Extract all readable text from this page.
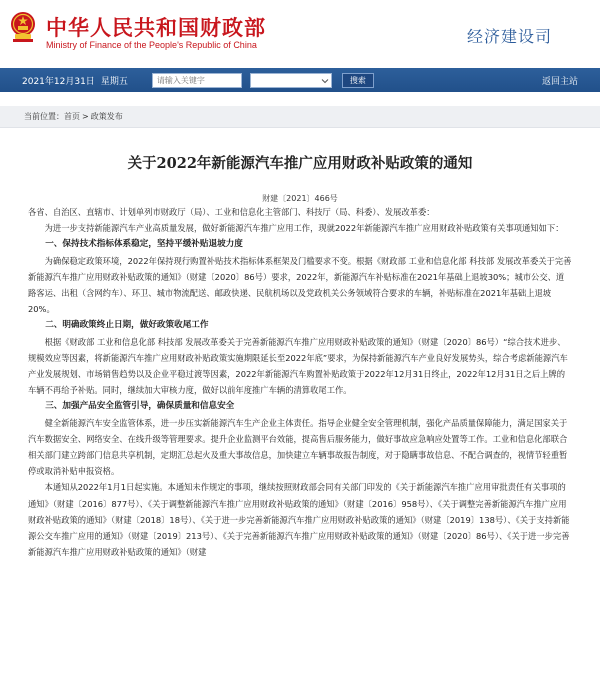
中华人民共和国财政部
Ministry of Finance of the People's Republic of China	经济建设司
2021年12月31日 星期五
请输入关键字	搜索	返回主站
当前位置： 首页 > 政策发布
关于2022年新能源汽车推广应用财政补贴政策的通知
财建〔2021〕466号

各省、自治区、直辖市、计划单列市财政厅（局）、工业和信息化主管部门、科技厅（局、科委）、发展改革委：

为进一步支持新能源汽车产业高质量发展，做好新能源汽车推广应用工作，现就2022年新能源汽车推广应用财政补贴政策有关事项通知如下：

一、保持技术指标体系稳定，坚持平缓补贴退坡力度

为确保稳定政策环境，2022年保持现行购置补贴技术指标体系框架及门槛要求不变。根据《财政部 工业和信息化部 科技部 发展改革委关于完善新能源汽车推广应用财政补贴政策的通知》（财建〔2020〕86号）要求，2022年，新能源汽车补贴标准在2021年基础上退坡30%；城市公交、道路客运、出租（含网约车）、环卫、城市物流配送、邮政快递、民航机场以及党政机关公务领域符合要求的车辆，补贴标准在2021年基础上退坡20%。

二、明确政策终止日期，做好政策收尾工作

根据《财政部 工业和信息化部 科技部 发展改革委关于完善新能源汽车推广应用财政补贴政策的通知》（财建〔2020〕86号）“综合技术进步、规模效应等因素，将新能源汽车推广应用财政补贴政策实施期限延长至2022年底”要求，为保持新能源汽车产业良好发展势头，综合考虑新能源汽车产业发展规划、市场销售趋势以及企业平稳过渡等因素，2022年新能源汽车购置补贴政策于2022年12月31日终止，2022年12月31日之后上牌的车辆不再给予补贴。同时，继续加大审核力度，做好以前年度推广车辆的清算收尾工作。

三、加强产品安全监管引导，确保质量和信息安全

健全新能源汽车安全监管体系，进一步压实新能源汽车生产企业主体责任。指导企业健全安全管理机制，强化产品质量保障能力，满足国家关于汽车数据安全、网络安全、在线升级等管理要求。提升企业监测平台效能，提高售后服务能力，做好事故应急响应处置等工作。工业和信息化部联合相关部门建立跨部门信息共享机制，定期汇总起火及重大事故信息，加快建立车辆事故报告制度，对于隐瞒事故信息、不配合调查的，视情节轻重暂停或取消补贴申报资格。

本通知从2022年1月1日起实施。本通知未作规定的事项，继续按照财政部会同有关部门印发的《关于新能源汽车推广应用审批责任有关事项的通知》（财建〔2016〕877号）、《关于调整新能源汽车推广应用财政补贴政策的通知》（财建〔2016〕958号）、《关于调整完善新能源汽车推广应用财政补贴政策的通知》（财建〔2018〕18号）、《关于进一步完善新能源汽车推广应用财政补贴政策的通知》（财建〔2019〕138号）、《关于支持新能源公交车推广应用的通知》（财建〔2019〕213号）、《关于完善新能源汽车推广应用财政补贴政策的通知》（财建〔2020〕86号）、《关于进一步完善新能源汽车推广应用财政补贴政策的通知》（财建
